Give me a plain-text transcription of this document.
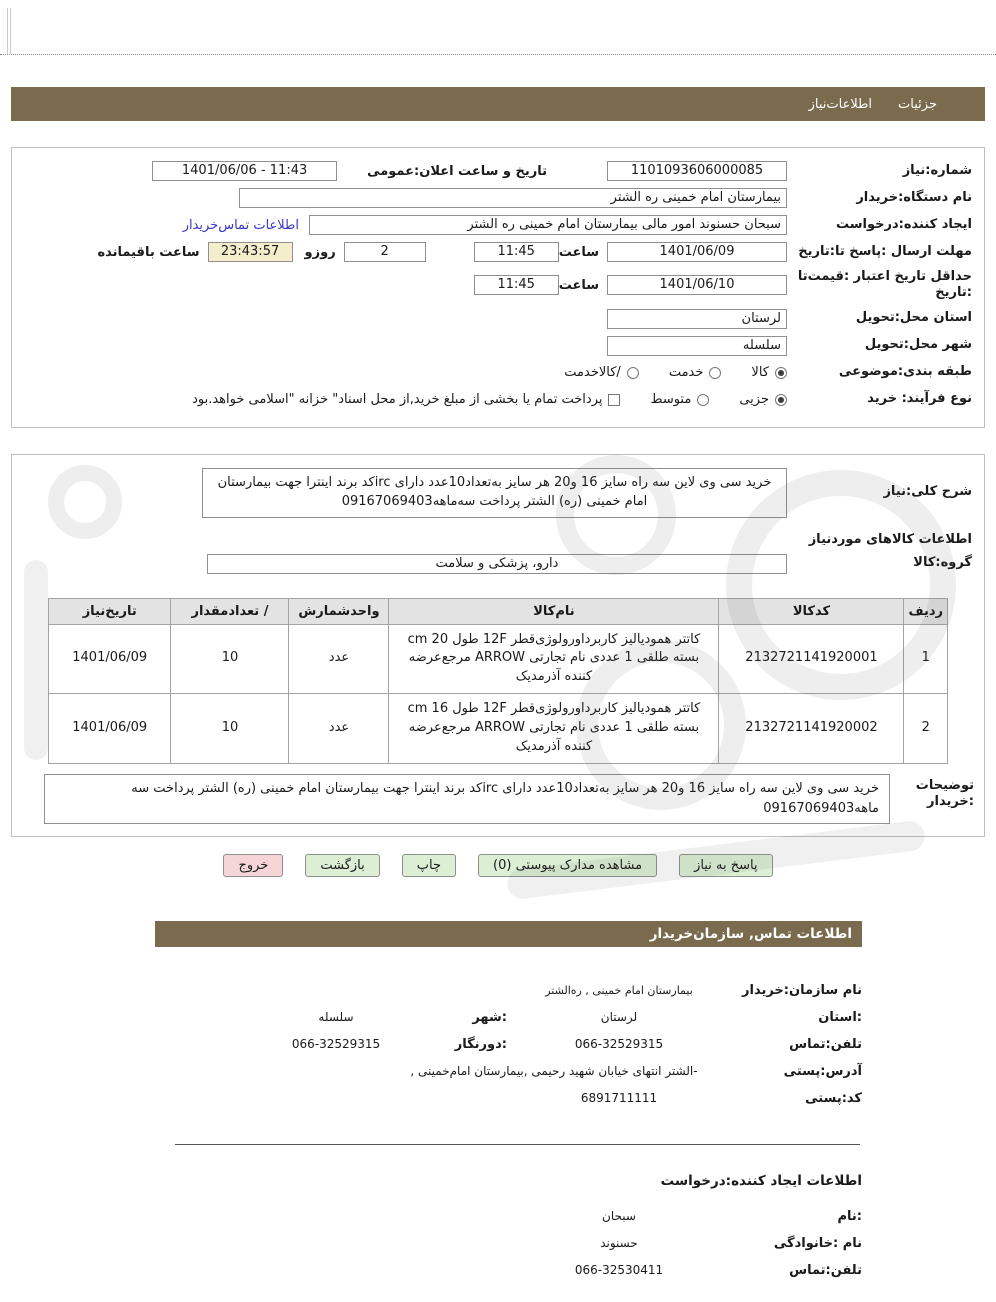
جزئیات
اطلاعات‌نیاز
شماره:نیاز
1101093606000085
تاریخ و ساعت اعلان:عمومی
1401/06/06 - 11:43
نام دستگاه:خریدار
بیمارستان امام خمینی ره الشتر
ایجاد کننده:درخواست
سبحان حسنوند امور مالی بیمارستان امام خمینی ره الشتر
اطلاعات تماس‌خریدار
مهلت ارسال :پاسخ تا:تاریخ
1401/06/09
ساعت
11:45
2
روزو
23:43:57
ساعت باقیمانده
حداقل تاریخ اعتبار :قیمت‌تا :تاریخ
1401/06/10
ساعت
11:45
استان محل:تحویل
لرستان
شهر محل:تحویل
سلسله
طبقه بندی:موضوعی
کالا
خدمت
/کالاخدمت
نوع فرآیند: خرید
جزیی
متوسط
پرداخت تمام یا بخشی از مبلغ خرید,از محل اسناد" خزانه "اسلامی خواهد.بود
شرح کلی:نیاز
خرید سی وی لاین سه راه سایز 16 و20 هر سایز به‌تعداد10عدد دارای ircکد برند اینترا جهت بیمارستان امام خمینی (ره) الشتر پرداخت سه‌ماهه09167069403
اطلاعات کالاهای موردنیاز
گروه:کالا
دارو، پزشکی و سلامت
ردیف	کدکالا	نام‌کالا	واحدشمارش	/ تعدادمقدار	تاریخ‌نیاز
1	2132721141920001	کاتتر همودیالیز کاربرداورولوژی‌قطر 12F طول 20 cm بسته طلقی 1 عددی نام تجارتی ARROW مرجع‌عرضه کننده آذرمدیک	عدد	10	1401/06/09
2	2132721141920002	کاتتر همودیالیز کاربرداورولوژی‌قطر 12F طول 16 cm بسته طلقی 1 عددی نام تجارتی ARROW مرجع‌عرضه کننده آذرمدیک	عدد	10	1401/06/09
توضیحات
:خریدار
خرید سی وی لاین سه راه سایز 16 و20 هر سایز به‌تعداد10عدد دارای ircکد برند اینترا جهت بیمارستان امام خمینی (ره) الشتر پرداخت سه ماهه09167069403
پاسخ به نیاز
مشاهده مدارک پیوستی (0)
چاپ
بازگشت
خروج
اطلاعات تماس, سازمان‌خریدار
نام سازمان:خریدار
بیمارستان امام خمینی , ره‌الشتر
:استان
لرستان
:شهر
سلسله
تلفن:تماس
066-32529315
:دورنگار
066-32529315
آدرس:پستی
-الشتر انتهای خیابان شهید رحیمی ,بیمارستان امام‌خمینی ,
کد:پستی
6891711111
اطلاعات ایجاد کننده:درخواست
:نام
سبحان
نام :خانوادگی
حسنوند
تلفن:تماس
066-32530411
